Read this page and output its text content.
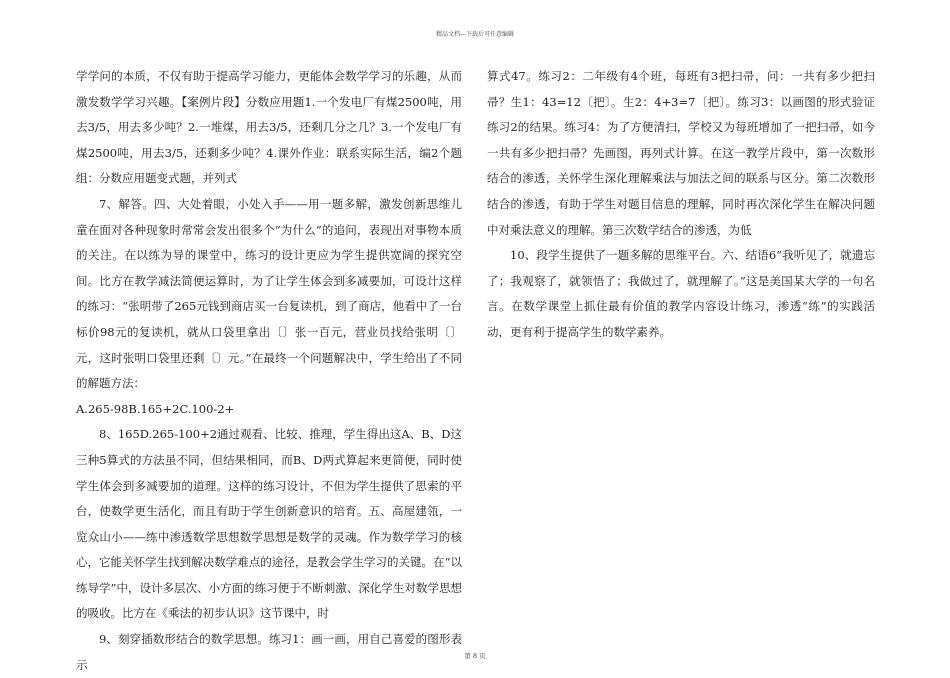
精品文档---下载后可任意编辑

学学问的本质，不仅有助于提高学习能力，更能体会数学学习的乐趣，从而激发数学学习兴趣。【案例片段】分数应用题1.一个发电厂有煤2500吨，用去3/5，用去多少吨？2.一堆煤，用去3/5，还剩几分之几？3.一个发电厂有煤2500吨，用去3/5，还剩多少吨？4.课外作业：联系实际生活，编2个题组：分数应用题变式题，并列式

7、解答。四、大处着眼，小处入手——用一题多解，激发创新思维儿童在面对各种现象时常常会发出很多个“为什么”的追问，表现出对事物本质的关注。在以练为导的课堂中，练习的设计更应为学生提供宽阔的探究空间。比方在教学减法简便运算时，为了让学生体会到多减要加，可设计这样的练习：“张明带了265元钱到商店买一台复读机，到了商店，他看中了一台标价98元的复读机，就从口袋里拿出〔〕张一百元，营业员找给张明〔〕元，这时张明口袋里还剩〔〕元。”在最终一个问题解决中，学生给出了不同的解题方法：

A.265-98B.165+2C.100-2+

8、165D.265-100+2通过观看、比较、推理，学生得出这A、B、D这三种5算式的方法虽不同，但结果相同，而B、D两式算起来更简便，同时使学生体会到多减要加的道理。这样的练习设计，不但为学生提供了思索的平台，使数学更生活化，而且有助于学生创新意识的培育。五、高屋建瓴，一览众山小——练中渗透数学思想数学思想是数学的灵魂。作为数学学习的核心，它能关怀学生找到解决数学难点的途径，是教会学生学习的关键。在“以练导学”中，设计多层次、小方面的练习便于不断刺激、深化学生对数学思想的吸收。比方在《乘法的初步认识》这节课中，时

9、刻穿插数形结合的数学思想。练习1：画一画，用自己喜爱的图形表示

算式47。练习2：二年级有4个班，每班有3把扫帚，问：一共有多少把扫帚？生1：43=12〔把〕。生2：4+3=7〔把〕。练习3：以画图的形式验证练习2的结果。练习4：为了方便清扫，学校又为每班增加了一把扫帚，如今一共有多少把扫帚？先画图，再列式计算。在这一教学片段中，第一次数形结合的渗透，关怀学生深化理解乘法与加法之间的联系与区分。第二次数形结合的渗透，有助于学生对题目信息的理解，同时再次深化学生在解决问题中对乘法意义的理解。第三次数学结合的渗透，为低

10、段学生提供了一题多解的思维平台。六、结语6“我听见了，就遗忘了；我观察了，就领悟了；我做过了，就理解了。”这是美国某大学的一句名言。在数学课堂上抓住最有价值的教学内容设计练习，渗透“练”的实践活动，更有利于提高学生的数学素养。

第 8 页
